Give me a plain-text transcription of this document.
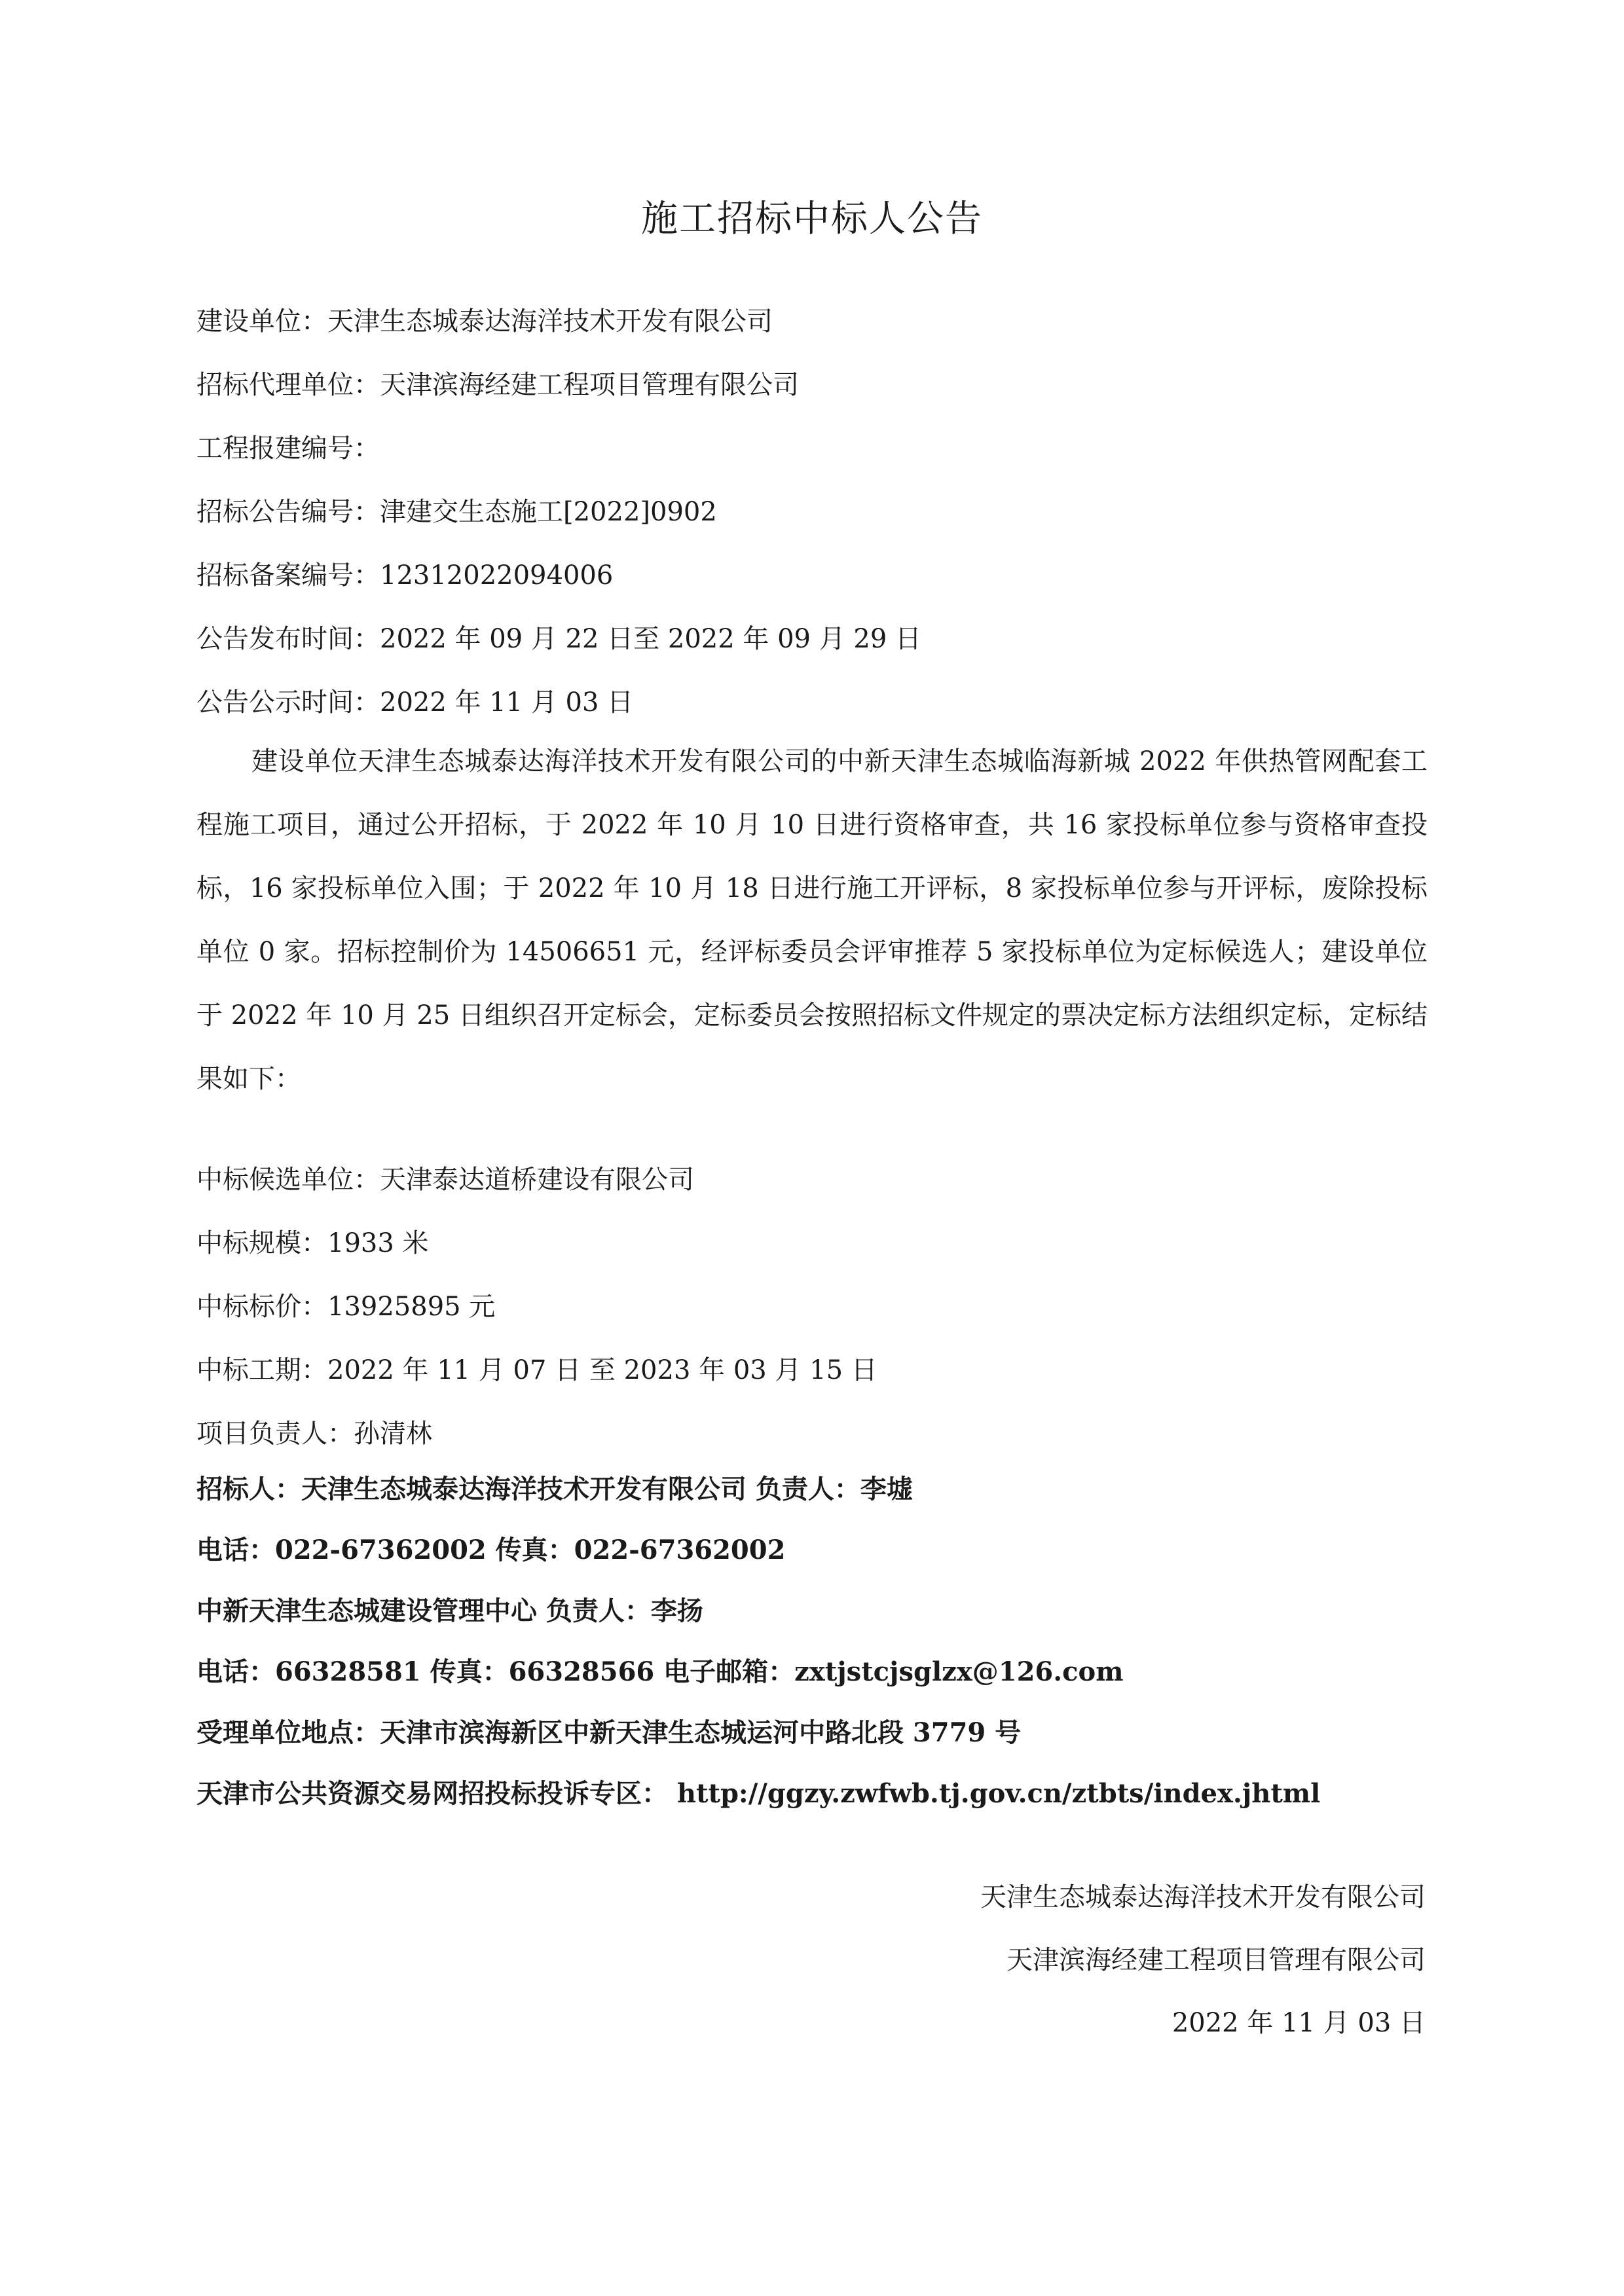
施工招标中标人公告
建设单位：天津生态城泰达海洋技术开发有限公司
招标代理单位：天津滨海经建工程项目管理有限公司
工程报建编号：
招标公告编号：津建交生态施工[2022]0902
招标备案编号：12312022094006
公告发布时间：2022 年 09 月 22 日至 2022 年 09 月 29 日
公告公示时间：2022 年 11 月 03 日
建设单位天津生态城泰达海洋技术开发有限公司的中新天津生态城临海新城 2022 年供热管网配套工程施工项目，通过公开招标，于 2022 年 10 月 10 日进行资格审查，共 16 家投标单位参与资格审查投标，16 家投标单位入围；于 2022 年 10 月 18 日进行施工开评标，8 家投标单位参与开评标，废除投标单位 0 家。招标控制价为 14506651 元，经评标委员会评审推荐 5 家投标单位为定标候选人；建设单位于 2022 年 10 月 25 日组织召开定标会，定标委员会按照招标文件规定的票决定标方法组织定标，定标结果如下：
中标候选单位：天津泰达道桥建设有限公司
中标规模：1933 米
中标标价：13925895 元
中标工期：2022 年 11 月 07 日 至 2023 年 03 月 15 日
项目负责人：孙清林
招标人：天津生态城泰达海洋技术开发有限公司 负责人：李墟
电话：022-67362002 传真：022-67362002
中新天津生态城建设管理中心 负责人：李扬
电话：66328581 传真：66328566 电子邮箱：zxtjstcjsglzx@126.com
受理单位地点：天津市滨海新区中新天津生态城运河中路北段 3779 号
天津市公共资源交易网招投标投诉专区： http://ggzy.zwfwb.tj.gov.cn/ztbts/index.jhtml
天津生态城泰达海洋技术开发有限公司
天津滨海经建工程项目管理有限公司
2022 年 11 月 03 日
